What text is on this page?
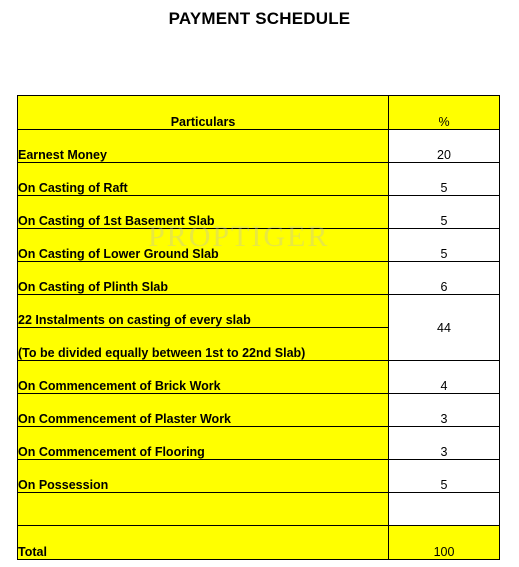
PAYMENT SCHEDULE
Particulars	%
Earnest Money	20
On Casting of Raft	5
On Casting of 1st Basement Slab	5
On Casting of Lower Ground Slab	5
On Casting of Plinth Slab	6
22 Instalments on casting of every slab	44
(To be divided equally between 1st to 22nd Slab)	
On Commencement of Brick Work	4
On Commencement of Plaster Work	3
On Commencement of Flooring	3
On Possession	5

Total	100
PROPTIGER
